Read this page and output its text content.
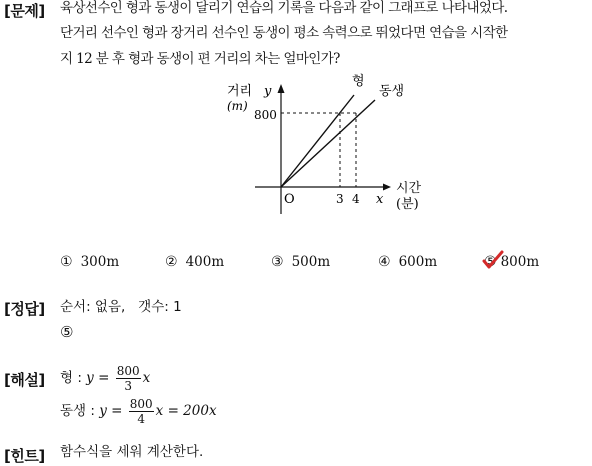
[문제] 육상선수인 형과 동생이 달리기 연습의 기록을 다음과 같이 그래프로 나타내었다.
단거리 선수인 형과 장거리 선수인 동생이 평소 속력으로 뛰었다면 연습을 시작한
지 12 분 후 형과 동생이 편 거리의 차는 얼마인가?
거리 y
(m)
800
형
동생
O	3 4 x
시간
(분)
① 300m	② 400m	③ 500m	④ 600m	⑤ 800m
[정답] 순서: 없음,   갯수: 1
⑤
[해설] 형 : $y = \frac{800}{3}$ x
동생 : $y = \frac{800}{4}$ x = 200x
[힌트] 함수식을 세워 계산한다.
